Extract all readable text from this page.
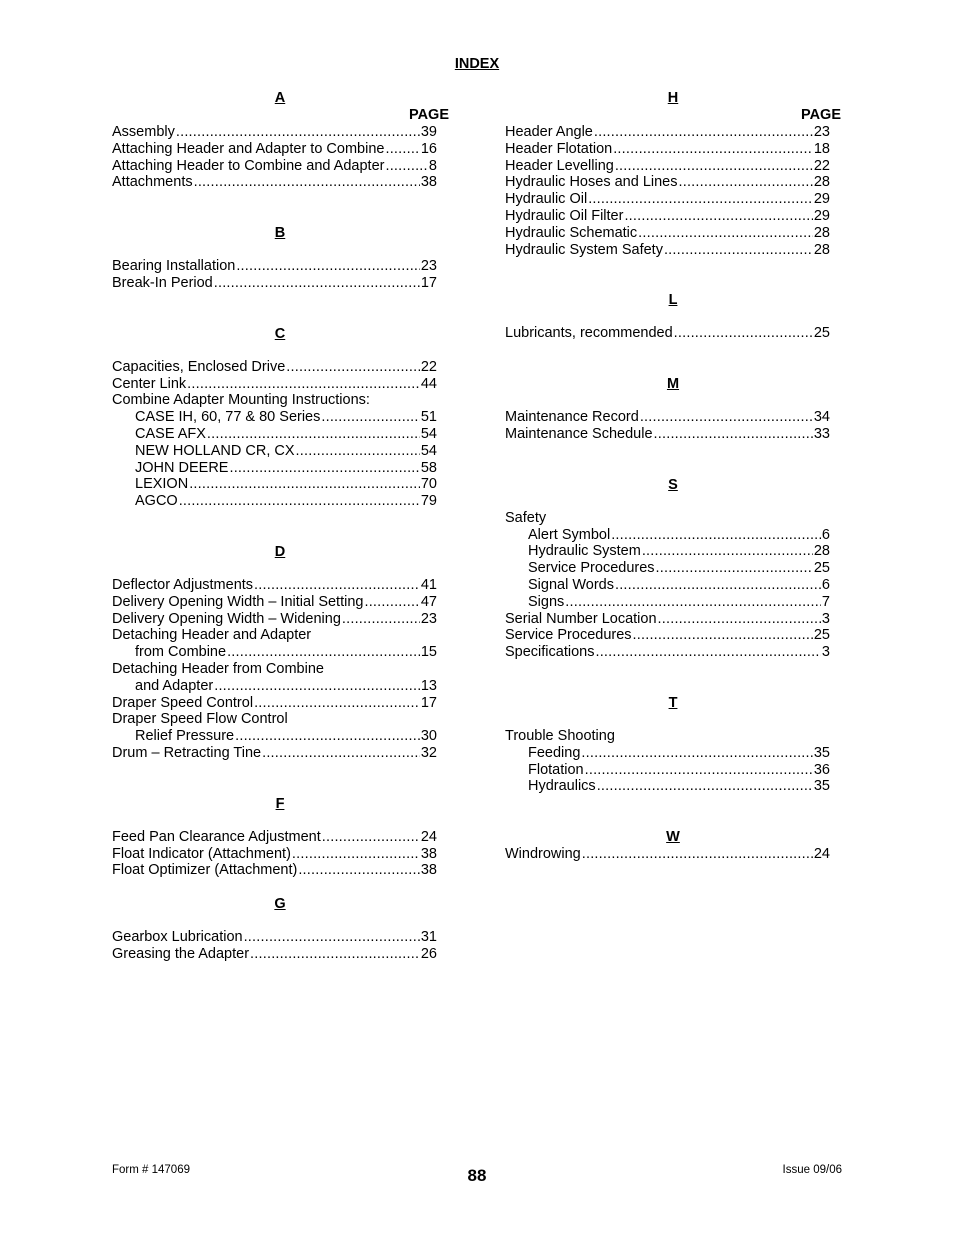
INDEX
A
PAGE
Assembly .....	39
Attaching Header and Adapter to Combine .....	16
Attaching Header to Combine and Adapter .....	8
Attachments .....	38
B
Bearing Installation .....	23
Break-In Period .....	17
C
Capacities, Enclosed Drive .....	22
Center Link .....	44
Combine Adapter Mounting Instructions:
CASE IH, 60, 77 & 80 Series .....	51
CASE AFX .....	54
NEW HOLLAND CR, CX .....	54
JOHN DEERE .....	58
LEXION .....	70
AGCO .....	79
D
Deflector Adjustments .....	41
Delivery Opening Width – Initial Setting .....	47
Delivery Opening Width – Widening .....	23
Detaching Header and Adapter
from Combine .....	15
Detaching Header from Combine
and Adapter .....	13
Draper Speed Control .....	17
Draper Speed Flow Control
Relief Pressure .....	30
Drum – Retracting Tine .....	32
F
Feed Pan Clearance Adjustment .....	24
Float Indicator (Attachment) .....	38
Float Optimizer (Attachment) .....	38
G
Gearbox Lubrication .....	31
Greasing the Adapter .....	26
H
PAGE
Header Angle .....	23
Header Flotation .....	18
Header Levelling .....	22
Hydraulic Hoses and Lines .....	28
Hydraulic Oil .....	29
Hydraulic Oil Filter .....	29
Hydraulic Schematic .....	28
Hydraulic System Safety .....	28
L
Lubricants, recommended .....	25
M
Maintenance Record .....	34
Maintenance Schedule .....	33
S
Safety
Alert Symbol .....	6
Hydraulic System .....	28
Service Procedures .....	25
Signal Words .....	6
Signs .....	7
Serial Number Location .....	3
Service Procedures .....	25
Specifications .....	3
T
Trouble Shooting
Feeding .....	35
Flotation .....	36
Hydraulics .....	35
W
Windrowing .....	24
Form # 147069	88	Issue 09/06
